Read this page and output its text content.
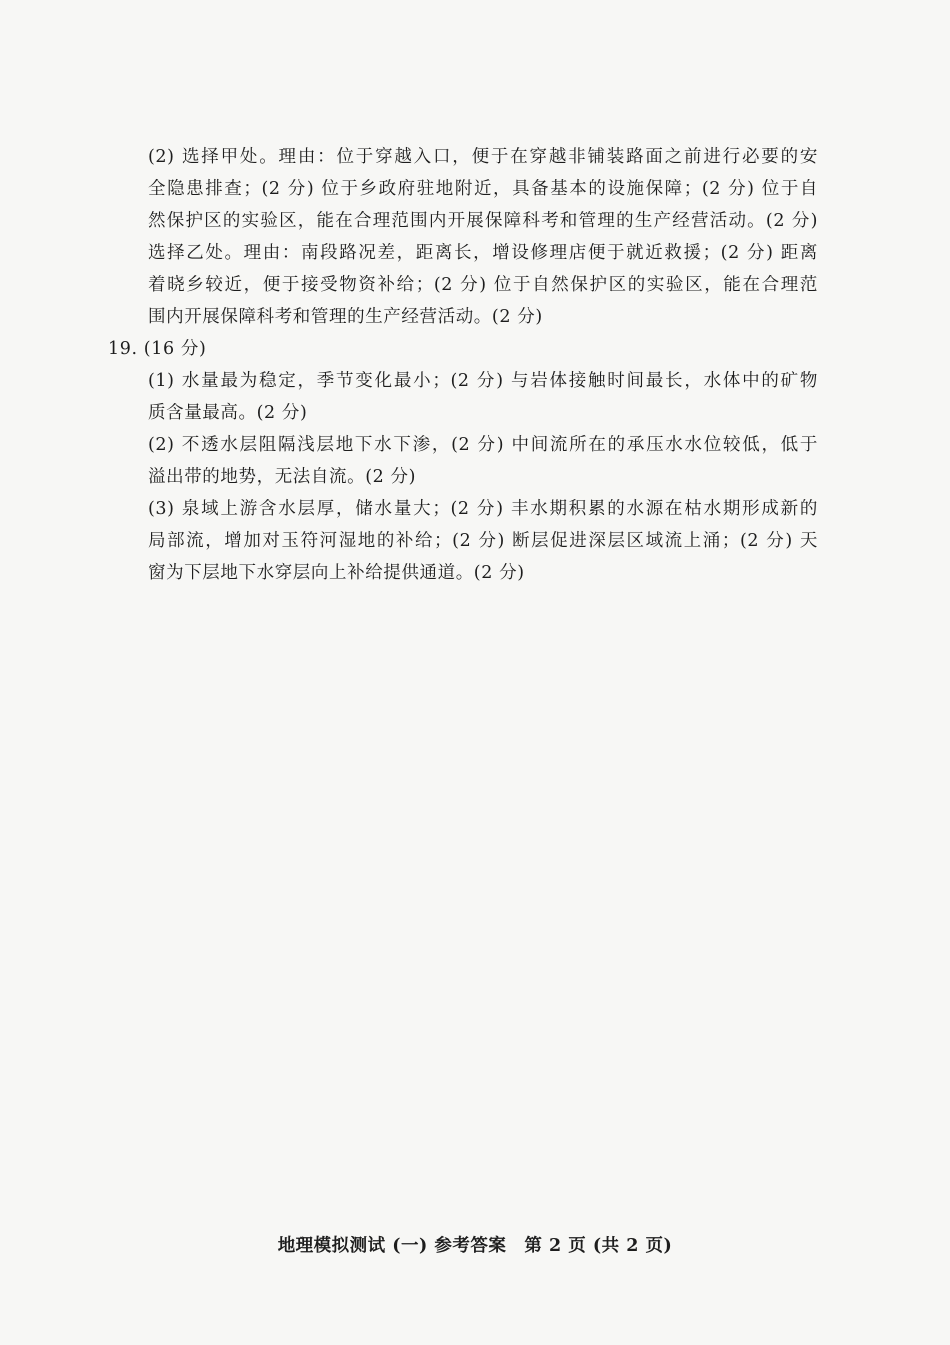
(2) 选择甲处。理由：位于穿越入口，便于在穿越非铺装路面之前进行必要的安
全隐患排查；(2 分) 位于乡政府驻地附近，具备基本的设施保障；(2 分) 位于自
然保护区的实验区，能在合理范围内开展保障科考和管理的生产经营活动。(2 分)
选择乙处。理由：南段路况差，距离长，增设修理店便于就近救援；(2 分) 距离
着晓乡较近，便于接受物资补给；(2 分) 位于自然保护区的实验区，能在合理范
围内开展保障科考和管理的生产经营活动。(2 分)
19. (16 分)
(1) 水量最为稳定，季节变化最小；(2 分) 与岩体接触时间最长，水体中的矿物
质含量最高。(2 分)
(2) 不透水层阻隔浅层地下水下渗，(2 分) 中间流所在的承压水水位较低，低于
溢出带的地势，无法自流。(2 分)
(3) 泉域上游含水层厚，储水量大；(2 分) 丰水期积累的水源在枯水期形成新的
局部流，增加对玉符河湿地的补给；(2 分) 断层促进深层区域流上涌；(2 分) 天
窗为下层地下水穿层向上补给提供通道。(2 分)
地理模拟测试 (一) 参考答案　第 2 页 (共 2 页)
